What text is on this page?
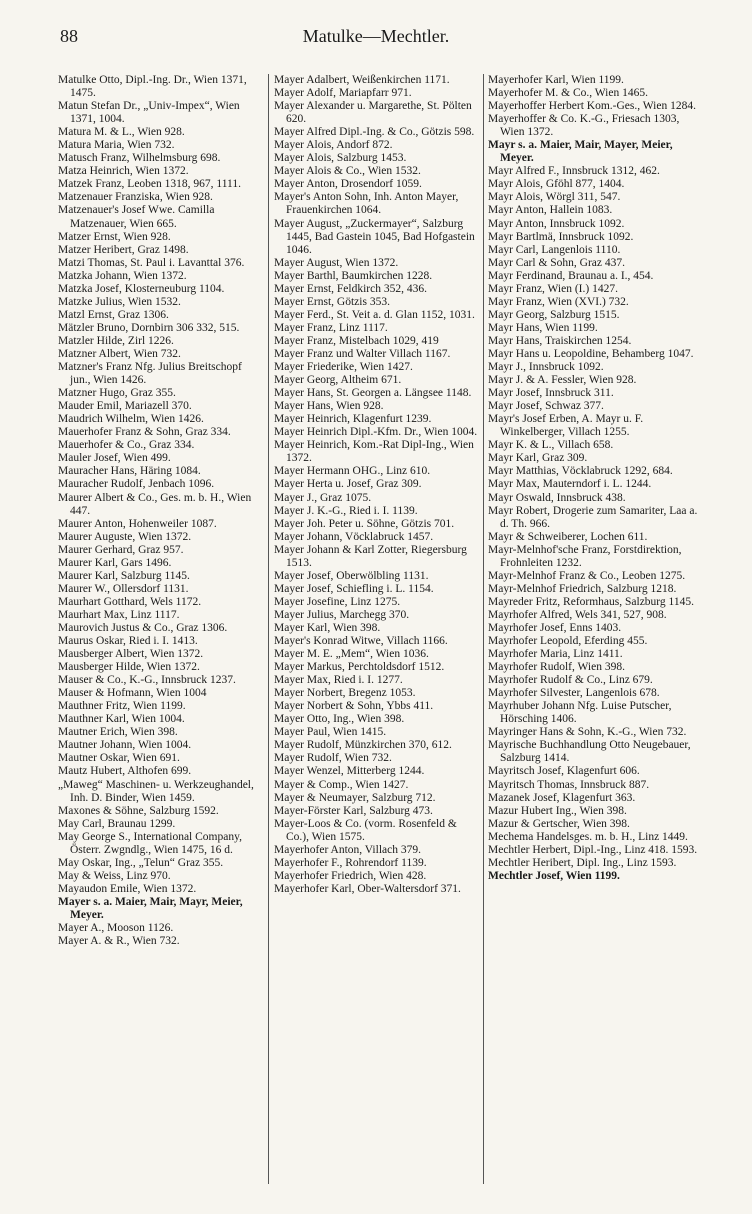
88	Matulke—Mechtler.

Matulke Otto, Dipl.-Ing. Dr., Wien 1371, 1475.

Matun Stefan Dr., „Univ-Impex“, Wien 1371, 1004.

Matura M. & L., Wien 928.

Matura Maria, Wien 732.

Matusch Franz, Wilhelmsburg 698.

Matza Heinrich, Wien 1372.

Matzek Franz, Leoben 1318, 967, 1111.

Matzenauer Franziska, Wien 928.

Matzenauer's Josef Wwe. Camilla Matzenauer, Wien 665.

Matzer Ernst, Wien 928.

Matzer Heribert, Graz 1498.

Matzi Thomas, St. Paul i. Lavanttal 376.

Matzka Johann, Wien 1372.

Matzka Josef, Klosterneuburg 1104.

Matzke Julius, Wien 1532.

Matzl Ernst, Graz 1306.

Mätzler Bruno, Dornbirn 306 332, 515.

Matzler Hilde, Zirl 1226.

Matzner Albert, Wien 732.

Matzner's Franz Nfg. Julius Breitschopf jun., Wien 1426.

Matzner Hugo, Graz 355.

Mauder Emil, Mariazell 370.

Maudrich Wilhelm, Wien 1426.

Mauerhofer Franz & Sohn, Graz 334.

Mauerhofer & Co., Graz 334.

Mauler Josef, Wien 499.

Mauracher Hans, Häring 1084.

Mauracher Rudolf, Jenbach 1096.

Maurer Albert & Co., Ges. m. b. H., Wien 447.

Maurer Anton, Hohenweiler 1087.

Maurer Auguste, Wien 1372.

Maurer Gerhard, Graz 957.

Maurer Karl, Gars 1496.

Maurer Karl, Salzburg 1145.

Maurer W., Ollersdorf 1131.

Maurhart Gotthard, Wels 1172.

Maurhart Max, Linz 1117.

Maurovich Justus & Co., Graz 1306.

Maurus Oskar, Ried i. I. 1413.

Mausberger Albert, Wien 1372.

Mausberger Hilde, Wien 1372.

Mauser & Co., K.-G., Innsbruck 1237.

Mauser & Hofmann, Wien 1004

Mauthner Fritz, Wien 1199.

Mauthner Karl, Wien 1004.

Mautner Erich, Wien 398.

Mautner Johann, Wien 1004.

Mautner Oskar, Wien 691.

Mautz Hubert, Althofen 699.

„Maweg“ Maschinen- u. Werkzeughandel, Inh. D. Binder, Wien 1459.

Maxones & Söhne, Salzburg 1592.

May Carl, Braunau 1299.

May George S., International Company, Österr. Zwgndlg., Wien 1475, 16 d.

May Oskar, Ing., „Telun“ Graz 355.

May & Weiss, Linz 970.

Mayaudon Emile, Wien 1372.

Mayer s. a. Maier, Mair, Mayr, Meier, Meyer.

Mayer A., Mooson 1126.

Mayer A. & R., Wien 732.

Mayer Adalbert, Weißenkirchen 1171.

Mayer Adolf, Mariapfarr 971.

Mayer Alexander u. Margarethe, St. Pölten 620.

Mayer Alfred Dipl.-Ing. & Co., Götzis 598.

Mayer Alois, Andorf 872.

Mayer Alois, Salzburg 1453.

Mayer Alois & Co., Wien 1532.

Mayer Anton, Drosendorf 1059.

Mayer's Anton Sohn, Inh. Anton Mayer, Frauenkirchen 1064.

Mayer August, „Zuckermayer“, Salzburg 1445, Bad Gastein 1045, Bad Hofgastein 1046.

Mayer August, Wien 1372.

Mayer Barthl, Baumkirchen 1228.

Mayer Ernst, Feldkirch 352, 436.

Mayer Ernst, Götzis 353.

Mayer Ferd., St. Veit a. d. Glan 1152, 1031.

Mayer Franz, Linz 1117.

Mayer Franz, Mistelbach 1029, 419

Mayer Franz und Walter Villach 1167.

Mayer Friederike, Wien 1427.

Mayer Georg, Altheim 671.

Mayer Hans, St. Georgen a. Längsee 1148.

Mayer Hans, Wien 928.

Mayer Heinrich, Klagenfurt 1239.

Mayer Heinrich Dipl.-Kfm. Dr., Wien 1004.

Mayer Heinrich, Kom.-Rat Dipl-Ing., Wien 1372.

Mayer Hermann OHG., Linz 610.

Mayer Herta u. Josef, Graz 309.

Mayer J., Graz 1075.

Mayer J. K.-G., Ried i. I. 1139.

Mayer Joh. Peter u. Söhne, Götzis 701.

Mayer Johann, Vöcklabruck 1457.

Mayer Johann & Karl Zotter, Riegersburg 1513.

Mayer Josef, Oberwölbling 1131.

Mayer Josef, Schiefling i. L. 1154.

Mayer Josefine, Linz 1275.

Mayer Julius, Marchegg 370.

Mayer Karl, Wien 398.

Mayer's Konrad Witwe, Villach 1166.

Mayer M. E. „Mem“, Wien 1036.

Mayer Markus, Perchtoldsdorf 1512.

Mayer Max, Ried i. I. 1277.

Mayer Norbert, Bregenz 1053.

Mayer Norbert & Sohn, Ybbs 411.

Mayer Otto, Ing., Wien 398.

Mayer Paul, Wien 1415.

Mayer Rudolf, Münzkirchen 370, 612.

Mayer Rudolf, Wien 732.

Mayer Wenzel, Mitterberg 1244.

Mayer & Comp., Wien 1427.

Mayer & Neumayer, Salzburg 712.

Mayer-Förster Karl, Salzburg 473.

Mayer-Loos & Co. (vorm. Rosenfeld & Co.), Wien 1575.

Mayerhofer Anton, Villach 379.

Mayerhofer F., Rohrendorf 1139.

Mayerhofer Friedrich, Wien 428.

Mayerhofer Karl, Ober-Waltersdorf 371.

Mayerhofer Karl, Wien 1199.

Mayerhofer M. & Co., Wien 1465.

Mayerhoffer Herbert Kom.-Ges., Wien 1284.

Mayerhoffer & Co. K.-G., Friesach 1303, Wien 1372.

Mayr s. a. Maier, Mair, Mayer, Meier, Meyer.

Mayr Alfred F., Innsbruck 1312, 462.

Mayr Alois, Gföhl 877, 1404.

Mayr Alois, Wörgl 311, 547.

Mayr Anton, Hallein 1083.

Mayr Anton, Innsbruck 1092.

Mayr Bartlmä, Innsbruck 1092.

Mayr Carl, Langenlois 1110.

Mayr Carl & Sohn, Graz 437.

Mayr Ferdinand, Braunau a. I., 454.

Mayr Franz, Wien (I.) 1427.

Mayr Franz, Wien (XVI.) 732.

Mayr Georg, Salzburg 1515.

Mayr Hans, Wien 1199.

Mayr Hans, Traiskirchen 1254.

Mayr Hans u. Leopoldine, Behamberg 1047.

Mayr J., Innsbruck 1092.

Mayr J. & A. Fessler, Wien 928.

Mayr Josef, Innsbruck 311.

Mayr Josef, Schwaz 377.

Mayr's Josef Erben, A. Mayr u. F. Winkelberger, Villach 1255.

Mayr K. & L., Villach 658.

Mayr Karl, Graz 309.

Mayr Matthias, Vöcklabruck 1292, 684.

Mayr Max, Mauterndorf i. L. 1244.

Mayr Oswald, Innsbruck 438.

Mayr Robert, Drogerie zum Samariter, Laa a. d. Th. 966.

Mayr & Schweiberer, Lochen 611.

Mayr-Melnhof'sche Franz, Forstdirektion, Frohnleiten 1232.

Mayr-Melnhof Franz & Co., Leoben 1275.

Mayr-Melnhof Friedrich, Salzburg 1218.

Mayreder Fritz, Reformhaus, Salzburg 1145.

Mayrhofer Alfred, Wels 341, 527, 908.

Mayrhofer Josef, Enns 1403.

Mayrhofer Leopold, Eferding 455.

Mayrhofer Maria, Linz 1411.

Mayrhofer Rudolf, Wien 398.

Mayrhofer Rudolf & Co., Linz 679.

Mayrhofer Silvester, Langenlois 678.

Mayrhuber Johann Nfg. Luise Putscher, Hörsching 1406.

Mayringer Hans & Sohn, K.-G., Wien 732.

Mayrische Buchhandlung Otto Neugebauer, Salzburg 1414.

Mayritsch Josef, Klagenfurt 606.

Mayritsch Thomas, Innsbruck 887.

Mazanek Josef, Klagenfurt 363.

Mazur Hubert Ing., Wien 398.

Mazur & Gertscher, Wien 398.

Mechema Handelsges. m. b. H., Linz 1449.

Mechtler Herbert, Dipl.-Ing., Linz 418. 1593.

Mechtler Heribert, Dipl. Ing., Linz 1593.

Mechtler Josef, Wien 1199.
